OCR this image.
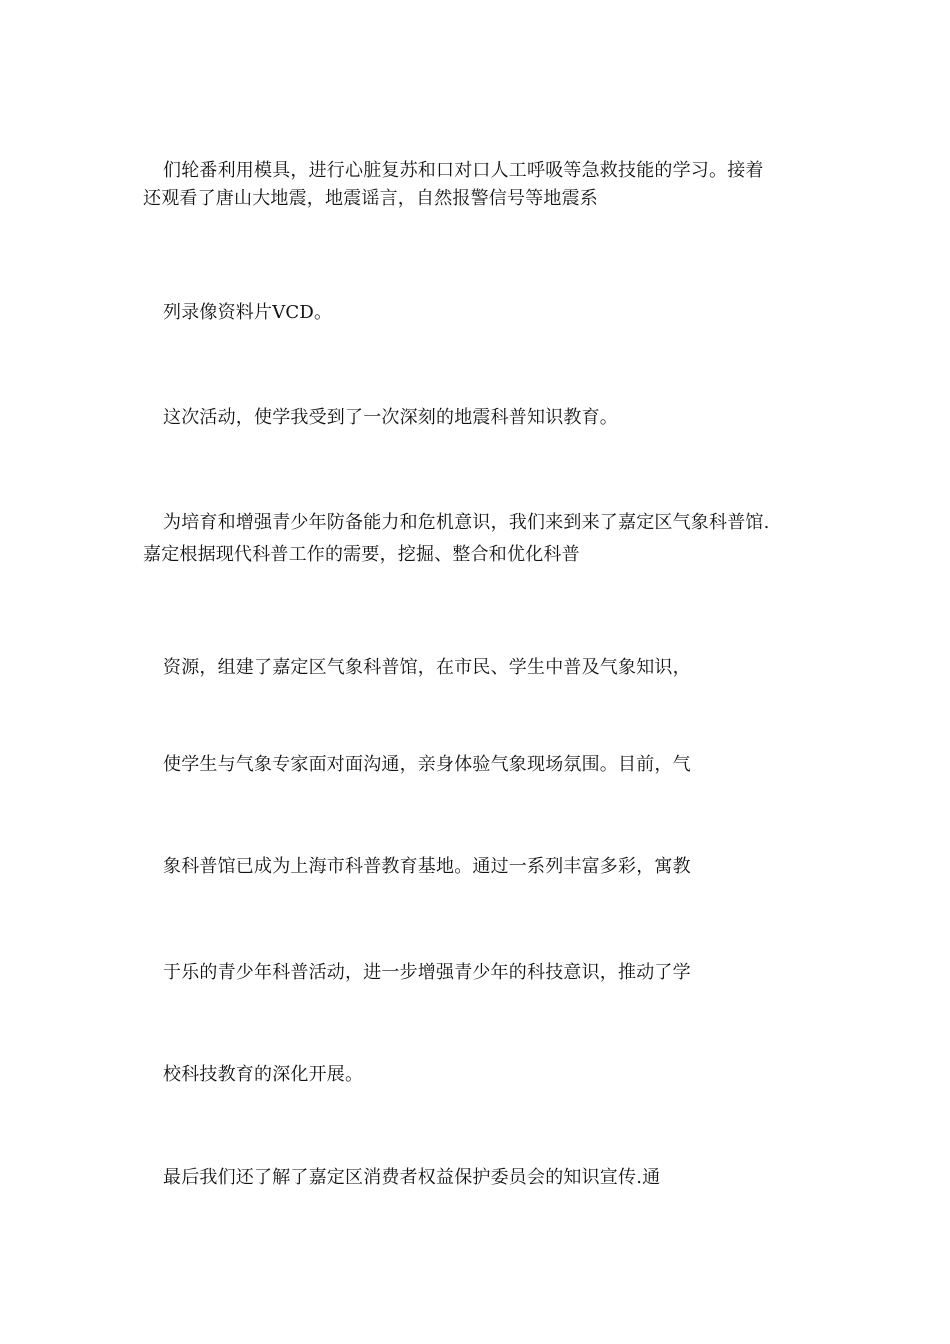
们轮番利用模具，进行心脏复苏和口对口人工呼吸等急救技能的学习。接着
还观看了唐山大地震，地震谣言，自然报警信号等地震系
列录像资料片VCD。
这次活动，使学我受到了一次深刻的地震科普知识教育。
为培育和增强青少年防备能力和危机意识，我们来到来了嘉定区气象科普馆.
嘉定根据现代科普工作的需要，挖掘、整合和优化科普
资源，组建了嘉定区气象科普馆，在市民、学生中普及气象知识，
使学生与气象专家面对面沟通，亲身体验气象现场氛围。目前，气
象科普馆已成为上海市科普教育基地。通过一系列丰富多彩，寓教
于乐的青少年科普活动，进一步增强青少年的科技意识，推动了学
校科技教育的深化开展。
最后我们还了解了嘉定区消费者权益保护委员会的知识宣传.通
